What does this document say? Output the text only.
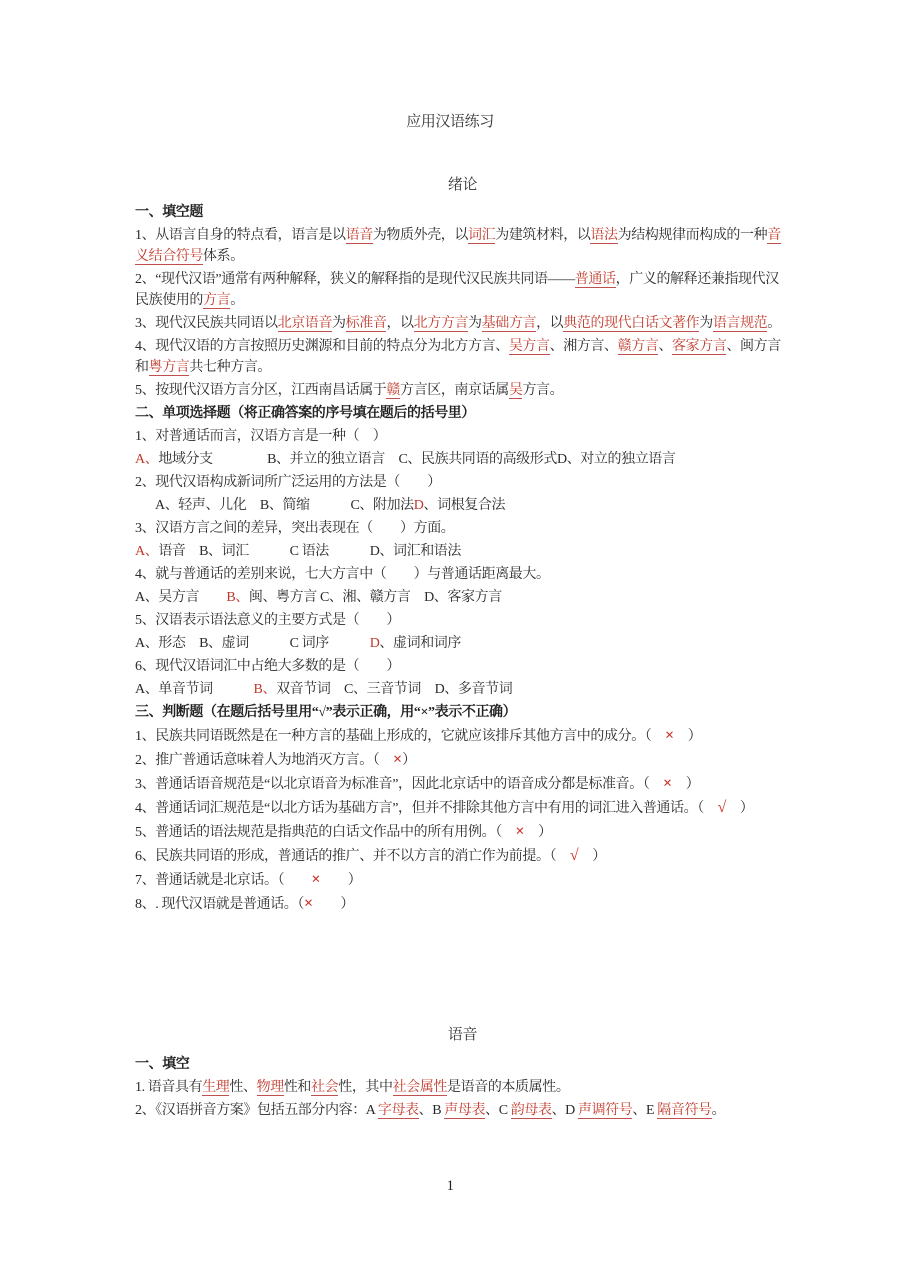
应用汉语练习
绪论
一、填空题
1、从语言自身的特点看，语言是以语音为物质外壳，以词汇为建筑材料，以语法为结构规律而构成的一种音义结合符号体系。
2、“现代汉语”通常有两种解释，狭义的解释指的是现代汉民族共同语——普通话，广义的解释还兼指现代汉民族使用的方言。
3、现代汉民族共同语以北京语音为标准音，以北方方言为基础方言，以典范的现代白话文著作为语言规范。
4、现代汉语的方言按照历史渊源和目前的特点分为北方方言、吴方言、湘方言、赣方言、客家方言、闽方言和粤方言共七种方言。
5、按现代汉语方言分区，江西南昌话属于赣方言区，南京话属吴方言。
二、单项选择题（将正确答案的序号填在题后的括号里）
1、对普通话而言，汉语方言是一种（　）
A、地域分支　　　　B、并立的独立语言　C、民族共同语的高级形式D、对立的独立语言
2、现代汉语构成新词所广泛运用的方法是（　　）
A、轻声、儿化　B、简缩　　　C、附加法D、词根复合法
3、汉语方言之间的差异，突出表现在（　　）方面。
A、语音　B、词汇　　　C 语法　　　D、词汇和语法
4、就与普通话的差别来说，七大方言中（　　）与普通话距离最大。
A、吴方言　　B、闽、粤方言 C、湘、赣方言　D、客家方言
5、汉语表示语法意义的主要方式是（　　）
A、形态　B、虚词　　　C 词序　　　D、虚词和词序
6、现代汉语词汇中占绝大多数的是（　　）
A、单音节词　　　B、双音节词　C、三音节词　D、多音节词
三、判断题（在题后括号里用“√”表示正确，用“×”表示不正确）
1、民族共同语既然是在一种方言的基础上形成的，它就应该排斥其他方言中的成分。（　×　）
2、推广普通话意味着人为地消灭方言。（　×）
3、普通话语音规范是“以北京语音为标准音”，因此北京话中的语音成分都是标准音。（　×　）
4、普通话词汇规范是“以北方话为基础方言”，但并不排除其他方言中有用的词汇进入普通话。（　√　）
5、普通话的语法规范是指典范的白话文作品中的所有用例。（　×　）
6、民族共同语的形成，普通话的推广、并不以方言的消亡作为前提。（　√　）
7、普通话就是北京话。（　　×　　）
8、. 现代汉语就是普通话。（×　　）
语音
一、填空
1. 语音具有生理性、物理性和社会性，其中社会属性是语音的本质属性。
2、《汉语拼音方案》包括五部分内容：A 字母表、B 声母表、C 韵母表、D 声调符号、E 隔音符号。
1
